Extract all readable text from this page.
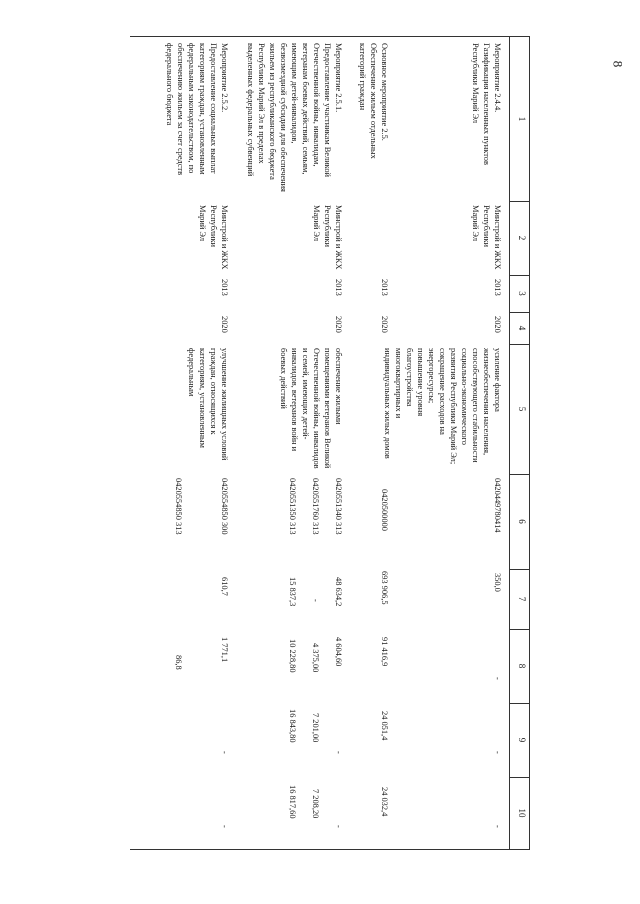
8
1
2
3
4
5
6
7
8
9
10
Мероприятие 2.4.4.
Газификация населенных пунктов
Республики Марий Эл
Минстрой и ЖКХ
Республики
Марий Эл
2013
2020
усиление фактора жизнеобеспечения населения, способствующего стабильности социально-экономического развития Республики Марий Эл;
сокращение расходов на энергоресурсы;
повышение уровня благоустройства многоквартирных и индивидуальных жилых домов
0420449780414
350,0
-
-
-
Основное мероприятие 2.5.
Обеспечение жильем отдельных категорий граждан
2013
2020
0420500000
693 906,5
91 416,9
24 051,4
24 032,4
Мероприятие 2.5.1.
Предоставление участникам Великой Отечественной войны, инвалидам, ветеранам боевых действий, семьям, имеющим детей-инвалидов, безвозмездной субсидии для обеспечения жильем из республиканского бюджета Республики Марий Эл в пределах выделенных федеральных субвенций
Минстрой и ЖКХ
Республики
Марий Эл
2013
2020
обеспечение жилыми помещениями ветеранов Великой Отечественной войны, инвалидов и семей, имеющих детей-инвалидов, ветеранов войн и боевых действий
0420551340 313
0420551760 313
0420551350 313
48 634,2
-
15 837,3
4 604,60
4 375,00
10 228,80
-
7 201,00
16 843,80
-
7 208,20
16 817,60
Мероприятие 2.5.2.
Предоставление социальных выплат категориям граждан, установленным федеральным законодательством, по обеспечению жильем за счет средств федерального бюджета
Минстрой и ЖКХ
Республики
Марий Эл
2013
2020
улучшение жилищных условий граждан, относящихся к категориям, установленным федеральным
0420554850 300
0420554850 313
610,7
1 771,1
86,8
-
-
